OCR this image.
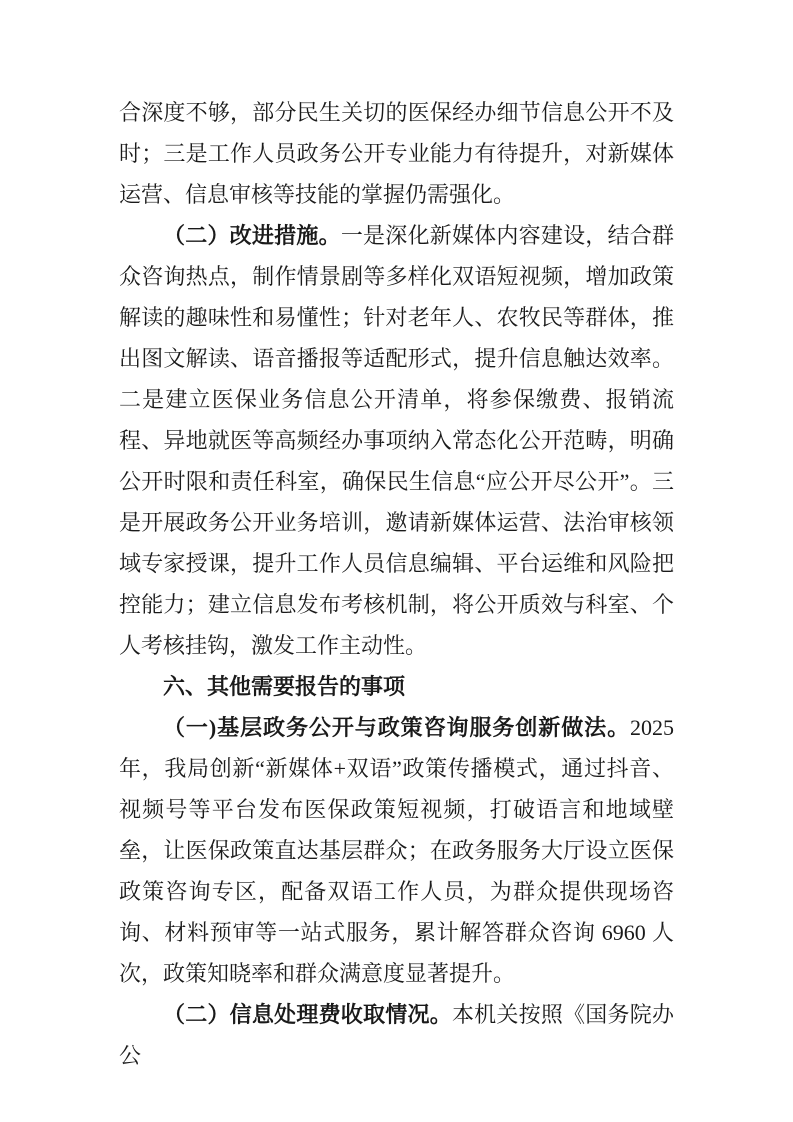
合深度不够，部分民生关切的医保经办细节信息公开不及时；三是工作人员政务公开专业能力有待提升，对新媒体运营、信息审核等技能的掌握仍需强化。

（二）改进措施。一是深化新媒体内容建设，结合群众咨询热点，制作情景剧等多样化双语短视频，增加政策解读的趣味性和易懂性；针对老年人、农牧民等群体，推出图文解读、语音播报等适配形式，提升信息触达效率。二是建立医保业务信息公开清单，将参保缴费、报销流程、异地就医等高频经办事项纳入常态化公开范畴，明确公开时限和责任科室，确保民生信息“应公开尽公开”。三是开展政务公开业务培训，邀请新媒体运营、法治审核领域专家授课，提升工作人员信息编辑、平台运维和风险把控能力；建立信息发布考核机制，将公开质效与科室、个人考核挂钩，激发工作主动性。

六、其他需要报告的事项

（一)基层政务公开与政策咨询服务创新做法。2025 年，我局创新“新媒体+双语”政策传播模式，通过抖音、视频号等平台发布医保政策短视频，打破语言和地域壁垒，让医保政策直达基层群众；在政务服务大厅设立医保政策咨询专区，配备双语工作人员，为群众提供现场咨询、材料预审等一站式服务，累计解答群众咨询 6960 人次，政策知晓率和群众满意度显著提升。

（二）信息处理费收取情况。本机关按照《国务院办公
